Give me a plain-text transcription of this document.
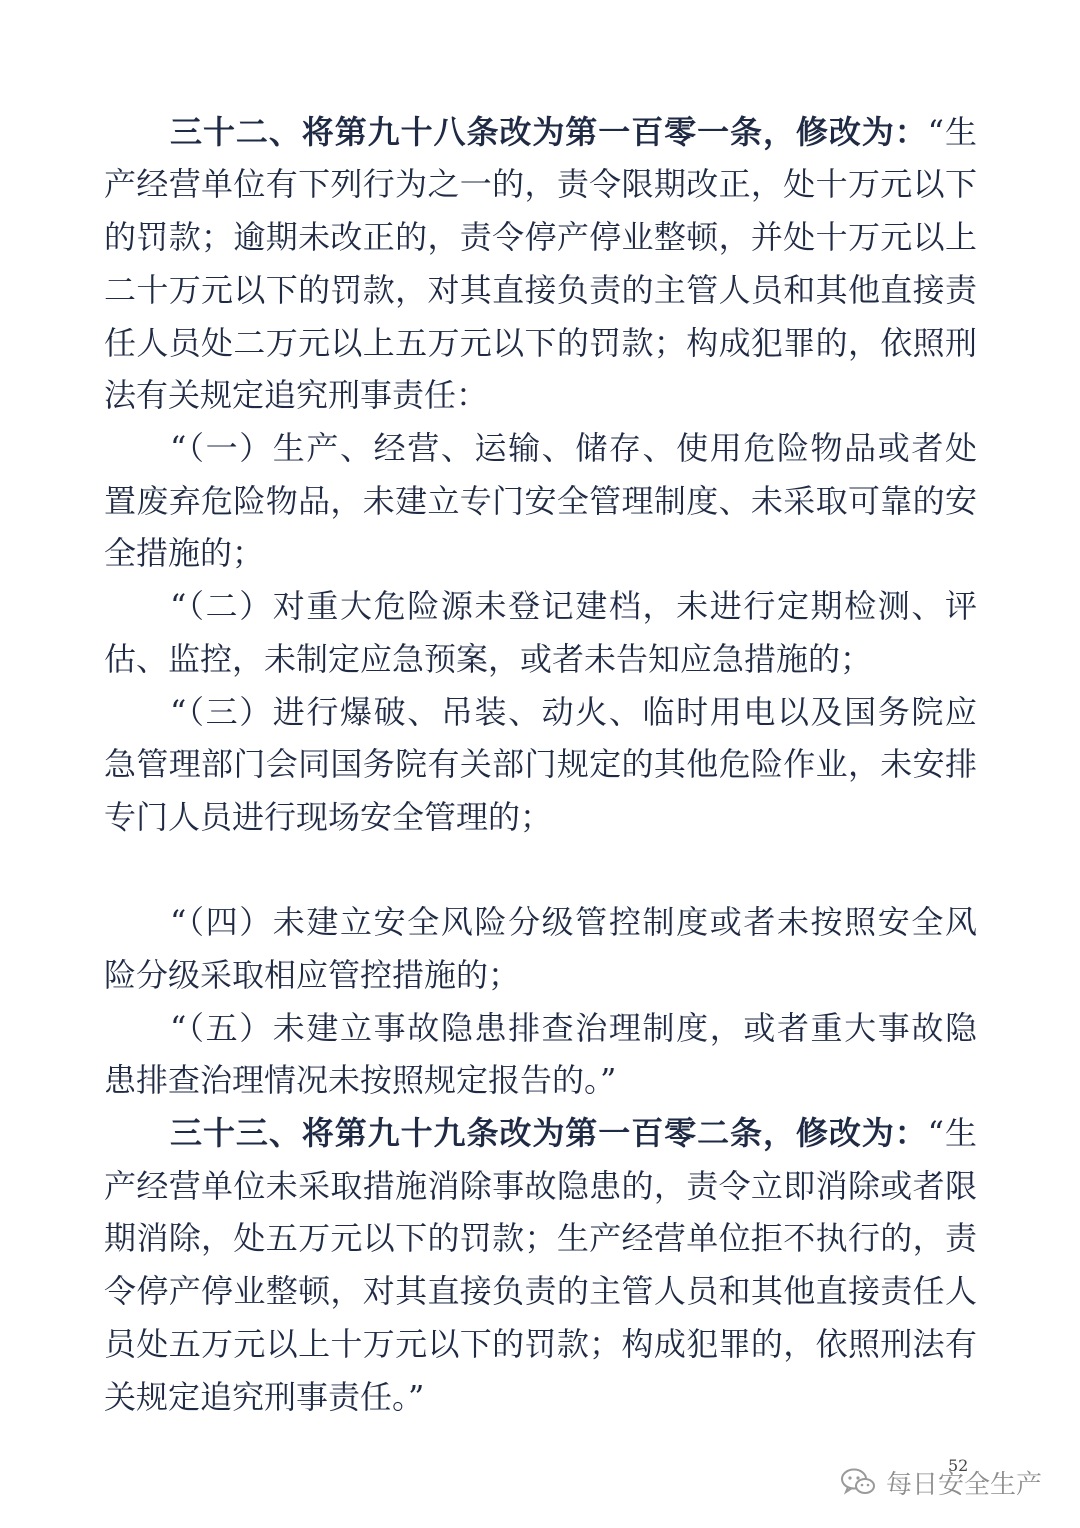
三十二、将第九十八条改为第一百零一条，修改为：“生
产经营单位有下列行为之一的，责令限期改正，处十万元以下
的罚款；逾期未改正的，责令停产停业整顿，并处十万元以上
二十万元以下的罚款，对其直接负责的主管人员和其他直接责
任人员处二万元以上五万元以下的罚款；构成犯罪的，依照刑
法有关规定追究刑事责任：
“（一）生产、经营、运输、储存、使用危险物品或者处
置废弃危险物品，未建立专门安全管理制度、未采取可靠的安
全措施的；
“（二）对重大危险源未登记建档，未进行定期检测、评
估、监控，未制定应急预案，或者未告知应急措施的；
“（三）进行爆破、吊装、动火、临时用电以及国务院应
急管理部门会同国务院有关部门规定的其他危险作业，未安排
专门人员进行现场安全管理的；
“（四）未建立安全风险分级管控制度或者未按照安全风
险分级采取相应管控措施的；
“（五）未建立事故隐患排查治理制度，或者重大事故隐
患排查治理情况未按照规定报告的。”
三十三、将第九十九条改为第一百零二条，修改为：“生
产经营单位未采取措施消除事故隐患的，责令立即消除或者限
期消除，处五万元以下的罚款；生产经营单位拒不执行的，责
令停产停业整顿，对其直接负责的主管人员和其他直接责任人
员处五万元以上十万元以下的罚款；构成犯罪的，依照刑法有
关规定追究刑事责任。”
52
每日安全生产
